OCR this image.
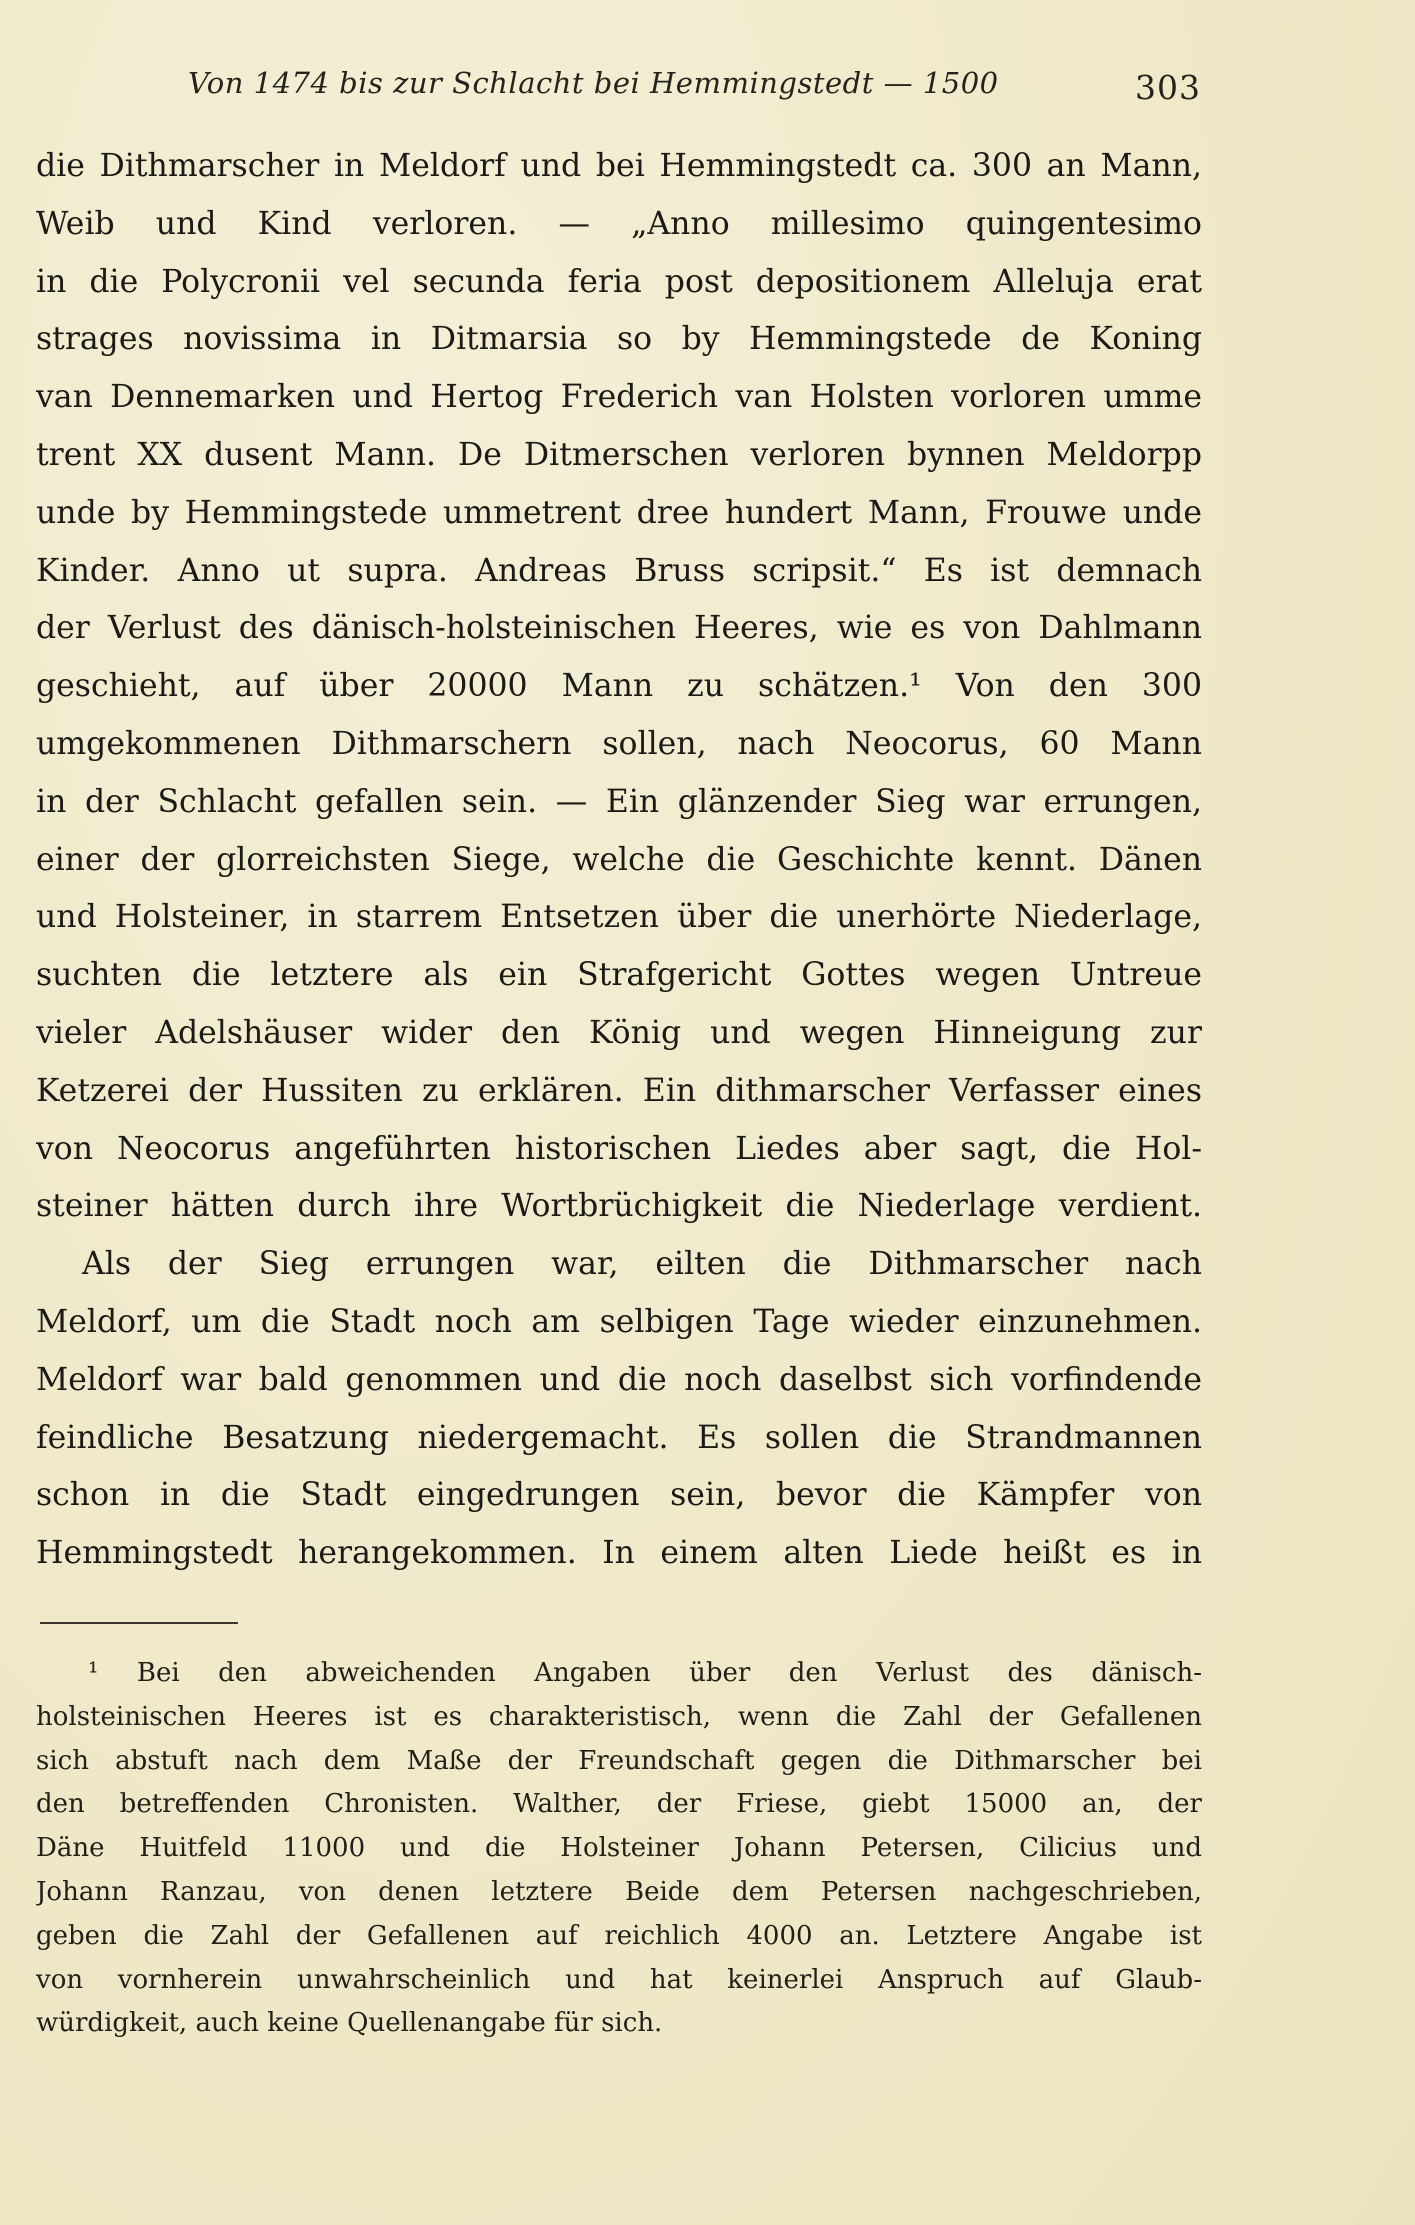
Von 1474 bis zur Schlacht bei Hemmingstedt — 1500	303
die Dithmarscher in Meldorf und bei Hemmingstedt ca. 300 an Mann,
Weib und Kind verloren. — „Anno millesimo quingentesimo
in die Polycronii vel secunda feria post depositionem Alleluja erat
strages novissima in Ditmarsia so by Hemmingstede de Koning
van Dennemarken und Hertog Frederich van Holsten vorloren umme
trent XX dusent Mann. De Ditmerschen verloren bynnen Meldorpp
unde by Hemmingstede ummetrent dree hundert Mann, Frouwe unde
Kinder. Anno ut supra. Andreas Bruss scripsit.“ Es ist demnach
der Verlust des dänisch-holsteinischen Heeres, wie es von Dahlmann
geschieht, auf über 20000 Mann zu schätzen.¹ Von den 300
umgekommenen Dithmarschern sollen, nach Neocorus, 60 Mann
in der Schlacht gefallen sein. — Ein glänzender Sieg war errungen,
einer der glorreichsten Siege, welche die Geschichte kennt. Dänen
und Holsteiner, in starrem Entsetzen über die unerhörte Niederlage,
suchten die letztere als ein Strafgericht Gottes wegen Untreue
vieler Adelshäuser wider den König und wegen Hinneigung zur
Ketzerei der Hussiten zu erklären. Ein dithmarscher Verfasser eines
von Neocorus angeführten historischen Liedes aber sagt, die Hol-
steiner hätten durch ihre Wortbrüchigkeit die Niederlage verdient.
Als der Sieg errungen war, eilten die Dithmarscher nach
Meldorf, um die Stadt noch am selbigen Tage wieder einzunehmen.
Meldorf war bald genommen und die noch daselbst sich vorfindende
feindliche Besatzung niedergemacht. Es sollen die Strandmannen
schon in die Stadt eingedrungen sein, bevor die Kämpfer von
Hemmingstedt herangekommen. In einem alten Liede heißt es in
¹ Bei den abweichenden Angaben über den Verlust des dänisch-
holsteinischen Heeres ist es charakteristisch, wenn die Zahl der Gefallenen
sich abstuft nach dem Maße der Freundschaft gegen die Dithmarscher bei
den betreffenden Chronisten. Walther, der Friese, giebt 15000 an, der
Däne Huitfeld 11000 und die Holsteiner Johann Petersen, Cilicius und
Johann Ranzau, von denen letztere Beide dem Petersen nachgeschrieben,
geben die Zahl der Gefallenen auf reichlich 4000 an. Letztere Angabe ist
von vornherein unwahrscheinlich und hat keinerlei Anspruch auf Glaub-
würdigkeit, auch keine Quellenangabe für sich.
